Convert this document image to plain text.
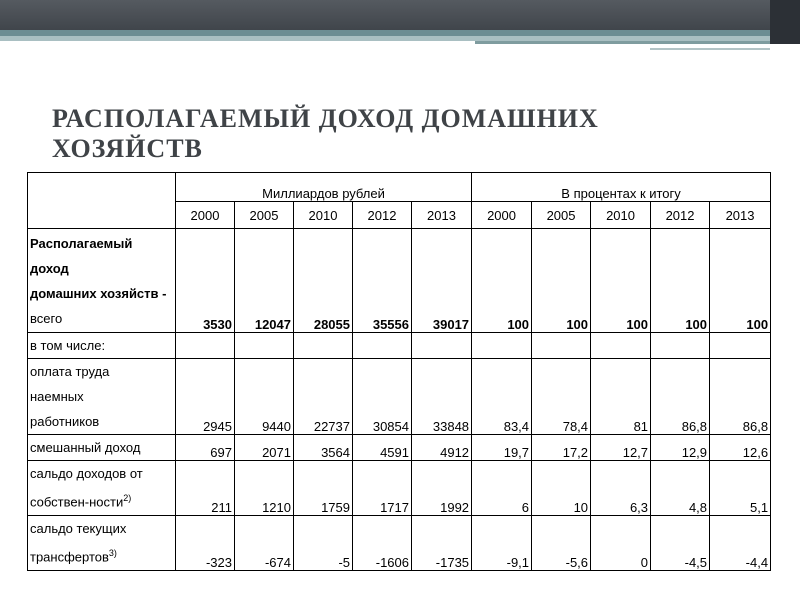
РАСПОЛАГАЕМЫЙ ДОХОД ДОМАШНИХ
ХОЗЯЙСТВ
	Миллиардов рублей					В процентах к итогу				
	2000	2005	2010	2012	2013	2000	2005	2010	2012	2013
Располагаемый
доход
домашних хозяйств -
всего	3530	12047	28055	35556	39017	100	100	100	100	100
в том числе:										
оплата труда
наемных
работников	2945	9440	22737	30854	33848	83,4	78,4	81	86,8	86,8
смешанный доход	697	2071	3564	4591	4912	19,7	17,2	12,7	12,9	12,6
сальдо доходов от
собствен-ности$^{2)}$	211	1210	1759	1717	1992	6	10	6,3	4,8	5,1
сальдо текущих
трансфертов$^{3)}$	-323	-674	-5	-1606	-1735	-9,1	-5,6	0	-4,5	-4,4
